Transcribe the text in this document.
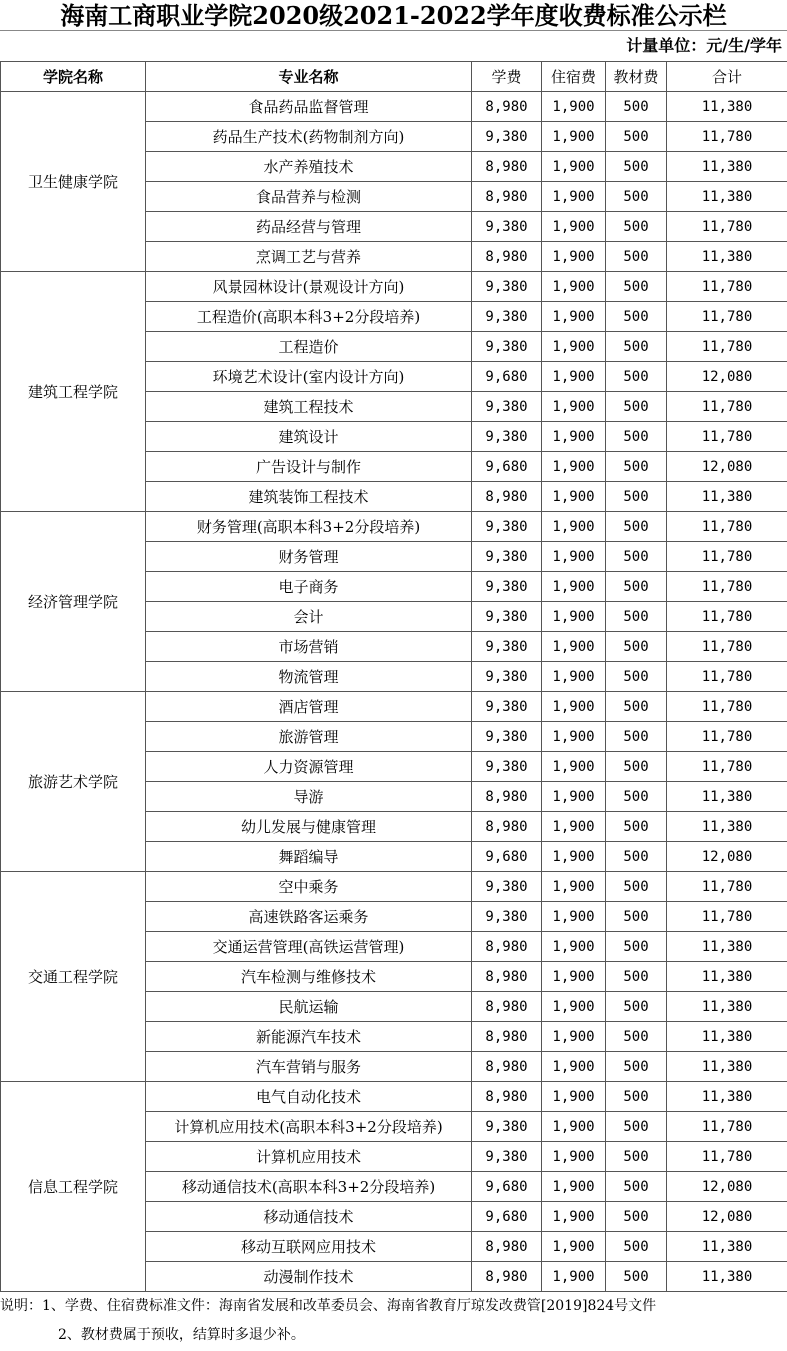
海南工商职业学院2020级2021-2022学年度收费标准公示栏
计量单位：元/生/学年
学院名称	专业名称	学费	住宿费	教材费	合计
卫生健康学院	食品药品监督管理	8,980	1,900	500	11,380
	药品生产技术(药物制剂方向)	9,380	1,900	500	11,780
	水产养殖技术	8,980	1,900	500	11,380
	食品营养与检测	8,980	1,900	500	11,380
	药品经营与管理	9,380	1,900	500	11,780
	烹调工艺与营养	8,980	1,900	500	11,380
建筑工程学院	风景园林设计(景观设计方向)	9,380	1,900	500	11,780
	工程造价(高职本科3+2分段培养)	9,380	1,900	500	11,780
	工程造价	9,380	1,900	500	11,780
	环境艺术设计(室内设计方向)	9,680	1,900	500	12,080
	建筑工程技术	9,380	1,900	500	11,780
	建筑设计	9,380	1,900	500	11,780
	广告设计与制作	9,680	1,900	500	12,080
	建筑装饰工程技术	8,980	1,900	500	11,380
经济管理学院	财务管理(高职本科3+2分段培养)	9,380	1,900	500	11,780
	财务管理	9,380	1,900	500	11,780
	电子商务	9,380	1,900	500	11,780
	会计	9,380	1,900	500	11,780
	市场营销	9,380	1,900	500	11,780
	物流管理	9,380	1,900	500	11,780
旅游艺术学院	酒店管理	9,380	1,900	500	11,780
	旅游管理	9,380	1,900	500	11,780
	人力资源管理	9,380	1,900	500	11,780
	导游	8,980	1,900	500	11,380
	幼儿发展与健康管理	8,980	1,900	500	11,380
	舞蹈编导	9,680	1,900	500	12,080
交通工程学院	空中乘务	9,380	1,900	500	11,780
	高速铁路客运乘务	9,380	1,900	500	11,780
	交通运营管理(高铁运营管理)	8,980	1,900	500	11,380
	汽车检测与维修技术	8,980	1,900	500	11,380
	民航运输	8,980	1,900	500	11,380
	新能源汽车技术	8,980	1,900	500	11,380
	汽车营销与服务	8,980	1,900	500	11,380
信息工程学院	电气自动化技术	8,980	1,900	500	11,380
	计算机应用技术(高职本科3+2分段培养)	9,380	1,900	500	11,780
	计算机应用技术	9,380	1,900	500	11,780
	移动通信技术(高职本科3+2分段培养)	9,680	1,900	500	12,080
	移动通信技术	9,680	1,900	500	12,080
	移动互联网应用技术	8,980	1,900	500	11,380
	动漫制作技术	8,980	1,900	500	11,380
说明：1、学费、住宿费标准文件：海南省发展和改革委员会、海南省教育厅琼发改费管[2019]824号文件
2、教材费属于预收，结算时多退少补。
